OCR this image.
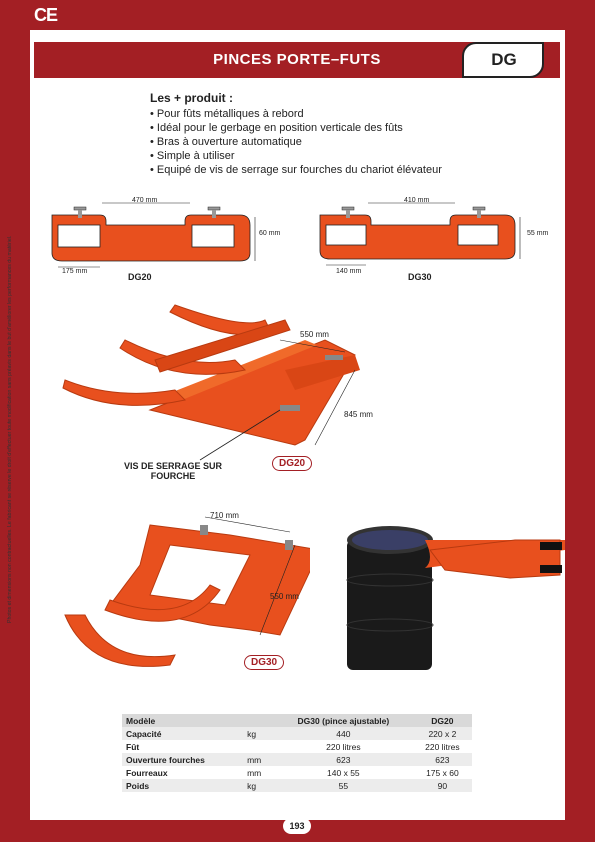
CE
PINCES PORTE–FUTS	DG
Photos et dimensions non contractuelles. Le fabricant se réserve le droit d'effectuer toute modification sans préavis dans le but d'améliorer les performances du matériel.
Les + produit :
• Pour fûts métalliques à rebord
• Idéal pour le gerbage en position verticale des fûts
• Bras à ouverture automatique
• Simple à utiliser
• Equipé de vis de serrage sur fourches du chariot élévateur
470 mm
60 mm
175 mm
DG20
410 mm
55 mm
140 mm
DG30
550 mm
845 mm
DG20
VIS DE SERRAGE SUR FOURCHE
710 mm
550 mm
DG30
Modèle		DG30 (pince ajustable)	DG20
Capacité	kg	440	220 x 2
Fût		220 litres	220 litres
Ouverture fourches	mm	623	623
Fourreaux	mm	140 x 55	175 x 60
Poids	kg	55	90
193
